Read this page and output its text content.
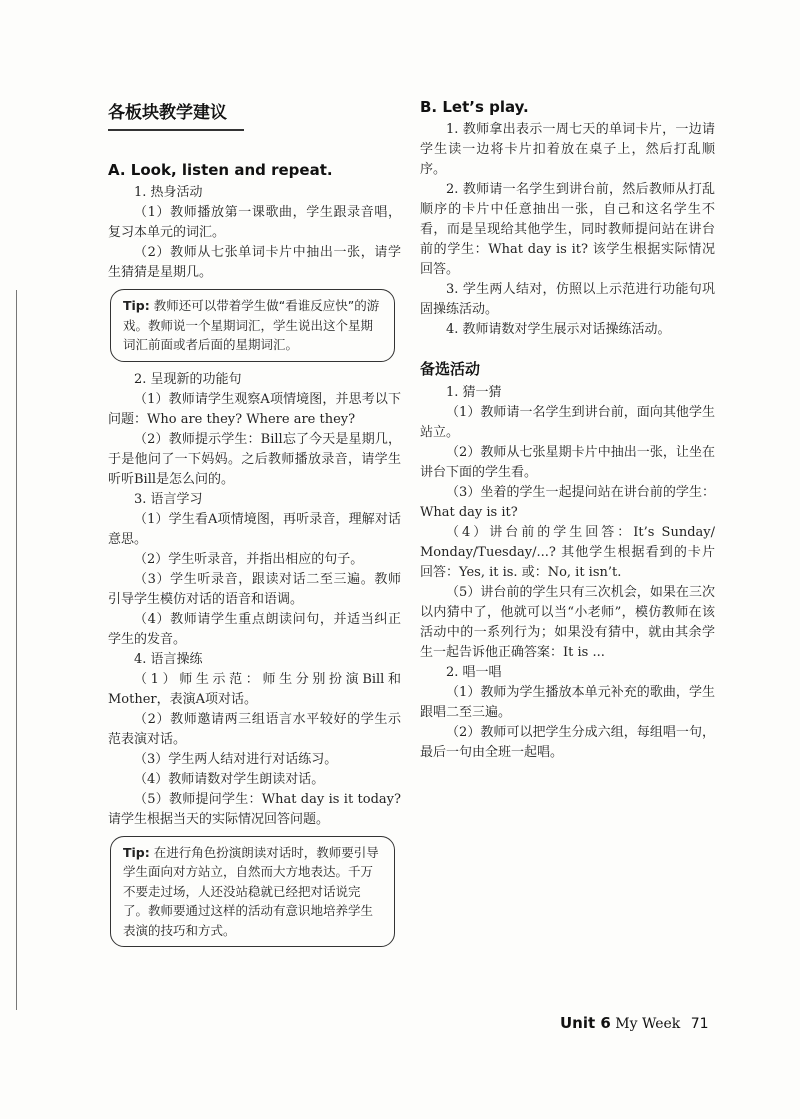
各板块教学建议
A. Look, listen and repeat.

1. 热身活动

（1）教师播放第一课歌曲，学生跟录音唱，复习本单元的词汇。

（2）教师从七张单词卡片中抽出一张，请学生猜猜是星期几。

Tip: 教师还可以带着学生做“看谁反应快”的游戏。教师说一个星期词汇，学生说出这个星期词汇前面或者后面的星期词汇。

2. 呈现新的功能句

（1）教师请学生观察A项情境图，并思考以下问题：Who are they? Where are they?

（2）教师提示学生：Bill忘了今天是星期几，于是他问了一下妈妈。之后教师播放录音，请学生听听Bill是怎么问的。

3. 语言学习

（1）学生看A项情境图，再听录音，理解对话意思。

（2）学生听录音，并指出相应的句子。

（3）学生听录音，跟读对话二至三遍。教师引导学生模仿对话的语音和语调。

（4）教师请学生重点朗读问句，并适当纠正学生的发音。

4. 语言操练

（1）师生示范：师生分别扮演Bill和Mother，表演A项对话。

（2）教师邀请两三组语言水平较好的学生示范表演对话。

（3）学生两人结对进行对话练习。

（4）教师请数对学生朗读对话。

（5）教师提问学生：What day is it today? 请学生根据当天的实际情况回答问题。

Tip: 在进行角色扮演朗读对话时，教师要引导学生面向对方站立，自然而大方地表达。千万不要走过场，人还没站稳就已经把对话说完了。教师要通过这样的活动有意识地培养学生表演的技巧和方式。
B. Let’s play.

1. 教师拿出表示一周七天的单词卡片，一边请学生读一边将卡片扣着放在桌子上，然后打乱顺序。

2. 教师请一名学生到讲台前，然后教师从打乱顺序的卡片中任意抽出一张，自己和这名学生不看，而是呈现给其他学生，同时教师提问站在讲台前的学生：What day is it? 该学生根据实际情况回答。

3. 学生两人结对，仿照以上示范进行功能句巩固操练活动。

4. 教师请数对学生展示对话操练活动。

备选活动

1. 猜一猜

（1）教师请一名学生到讲台前，面向其他学生站立。

（2）教师从七张星期卡片中抽出一张，让坐在讲台下面的学生看。

（3）坐着的学生一起提问站在讲台前的学生：What day is it?

（4）讲台前的学生回答：It’s Sunday/ Monday/Tuesday/...? 其他学生根据看到的卡片回答：Yes, it is. 或：No, it isn’t.

（5）讲台前的学生只有三次机会，如果在三次以内猜中了，他就可以当“小老师”，模仿教师在该活动中的一系列行为；如果没有猜中，就由其余学生一起告诉他正确答案：It is ...

2. 唱一唱

（1）教师为学生播放本单元补充的歌曲，学生跟唱二至三遍。

（2）教师可以把学生分成六组，每组唱一句，最后一句由全班一起唱。

Unit 6 My Week 71
